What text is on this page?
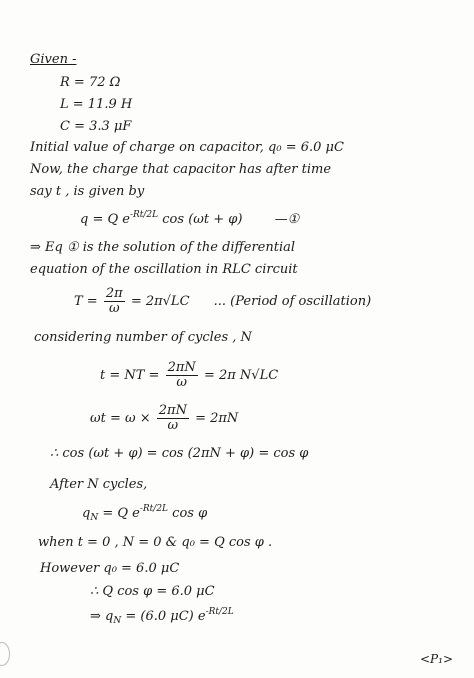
Given -
R = 72 Ω
L = 11.9 H
C = 3.3 μF
Initial value of charge on capacitor, q₀ = 6.0 μC
Now, the charge that capacitor has after time
say t , is given by
q = Q $e^{-Rt/2L}$ cos (ωt + φ) —①
⇒ Eq ① is the solution of the differential
equation of the oscillation in RLC circuit
$T = \frac{2\pi}{\omega} = 2\pi√LC$ ... (Period of oscillation)
considering number of cycles , N
t = NT = $\frac{2\pi N}{\omega} = 2\pi$ N√LC
$\omega t = \omega \times \frac{2\pi N}{\omega} = 2\pi N$
∴ cos (ωt + φ) = cos (2πN + φ) = cos φ
After N cycles,
$q_N = Q$ $e^{-Rt/2L}$ cos φ
when t = 0 , N = 0 & q₀ = Q cos φ .
However q₀ = 6.0 μC
∴ Q cos φ = 6.0 μC
⇒ $q_N = (6.0$ μC) $e^{-Rt/2L}$
<P₁>
